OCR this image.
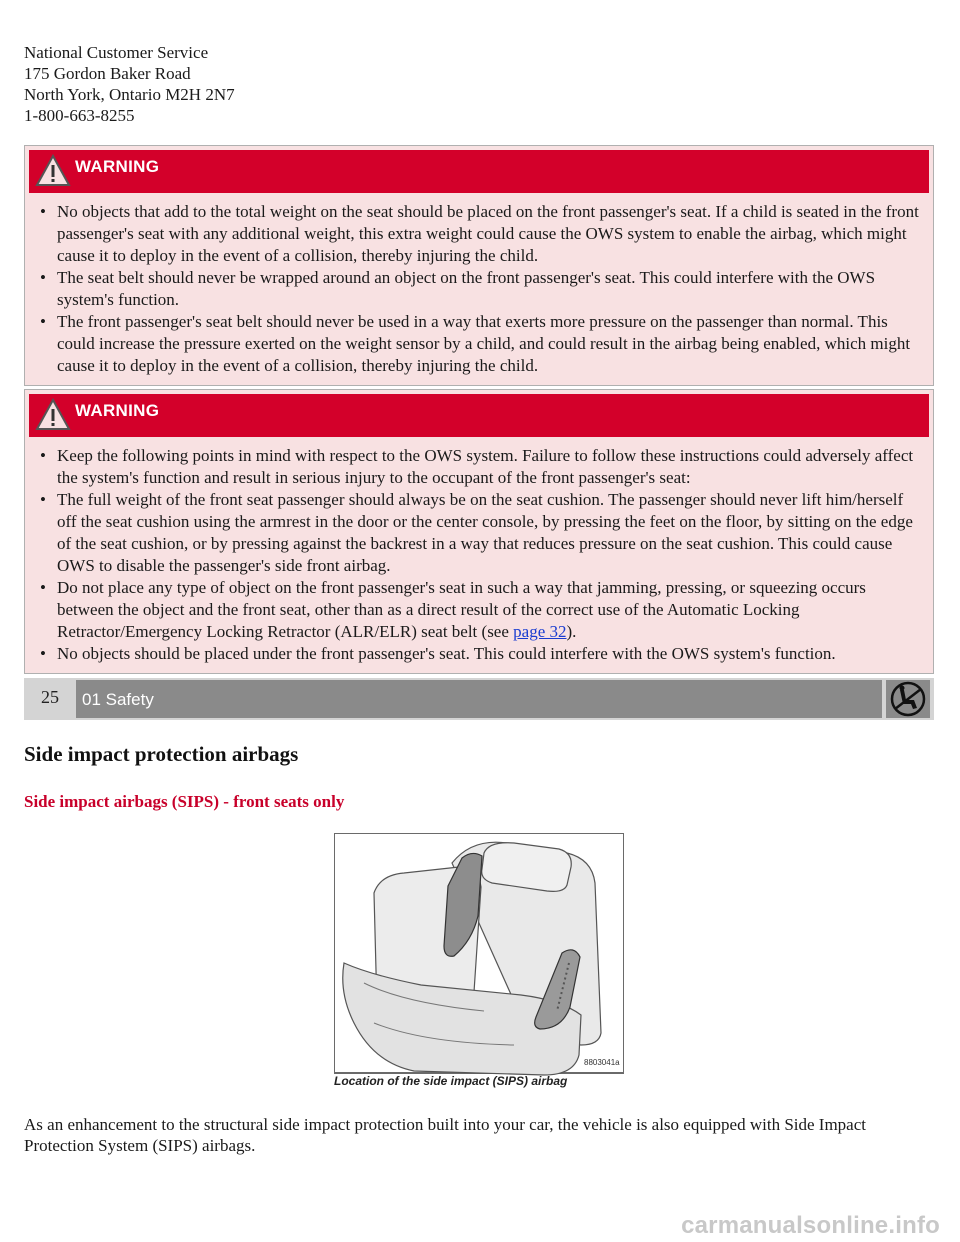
National Customer Service
175 Gordon Baker Road
North York, Ontario M2H 2N7
1-800-663-8255
WARNING
• No objects that add to the total weight on the seat should be placed on the front passenger's seat. If a child is seated in the front passenger's seat with any additional weight, this extra weight could cause the OWS system to enable the airbag, which might cause it to deploy in the event of a collision, thereby injuring the child.
• The seat belt should never be wrapped around an object on the front passenger's seat. This could interfere with the OWS system's function.
• The front passenger's seat belt should never be used in a way that exerts more pressure on the passenger than normal. This could increase the pressure exerted on the weight sensor by a child, and could result in the airbag being enabled, which might cause it to deploy in the event of a collision, thereby injuring the child.
WARNING
• Keep the following points in mind with respect to the OWS system. Failure to follow these instructions could adversely affect the system's function and result in serious injury to the occupant of the front passenger's seat:
• The full weight of the front seat passenger should always be on the seat cushion. The passenger should never lift him/herself off the seat cushion using the armrest in the door or the center console, by pressing the feet on the floor, by sitting on the edge of the seat cushion, or by pressing against the backrest in a way that reduces pressure on the seat cushion. This could cause OWS to disable the passenger's side front airbag.
• Do not place any type of object on the front passenger's seat in such a way that jamming, pressing, or squeezing occurs between the object and the front seat, other than as a direct result of the correct use of the Automatic Locking Retractor/Emergency Locking Retractor (ALR/ELR) seat belt (see page 32).
• No objects should be placed under the front passenger's seat. This could interfere with the OWS system's function.
25	01 Safety
Side impact protection airbags
Side impact airbags (SIPS) - front seats only
8803041a
Location of the side impact (SIPS) airbag
As an enhancement to the structural side impact protection built into your car, the vehicle is also equipped with Side Impact Protection System (SIPS) airbags.
carmanualsonline.info
